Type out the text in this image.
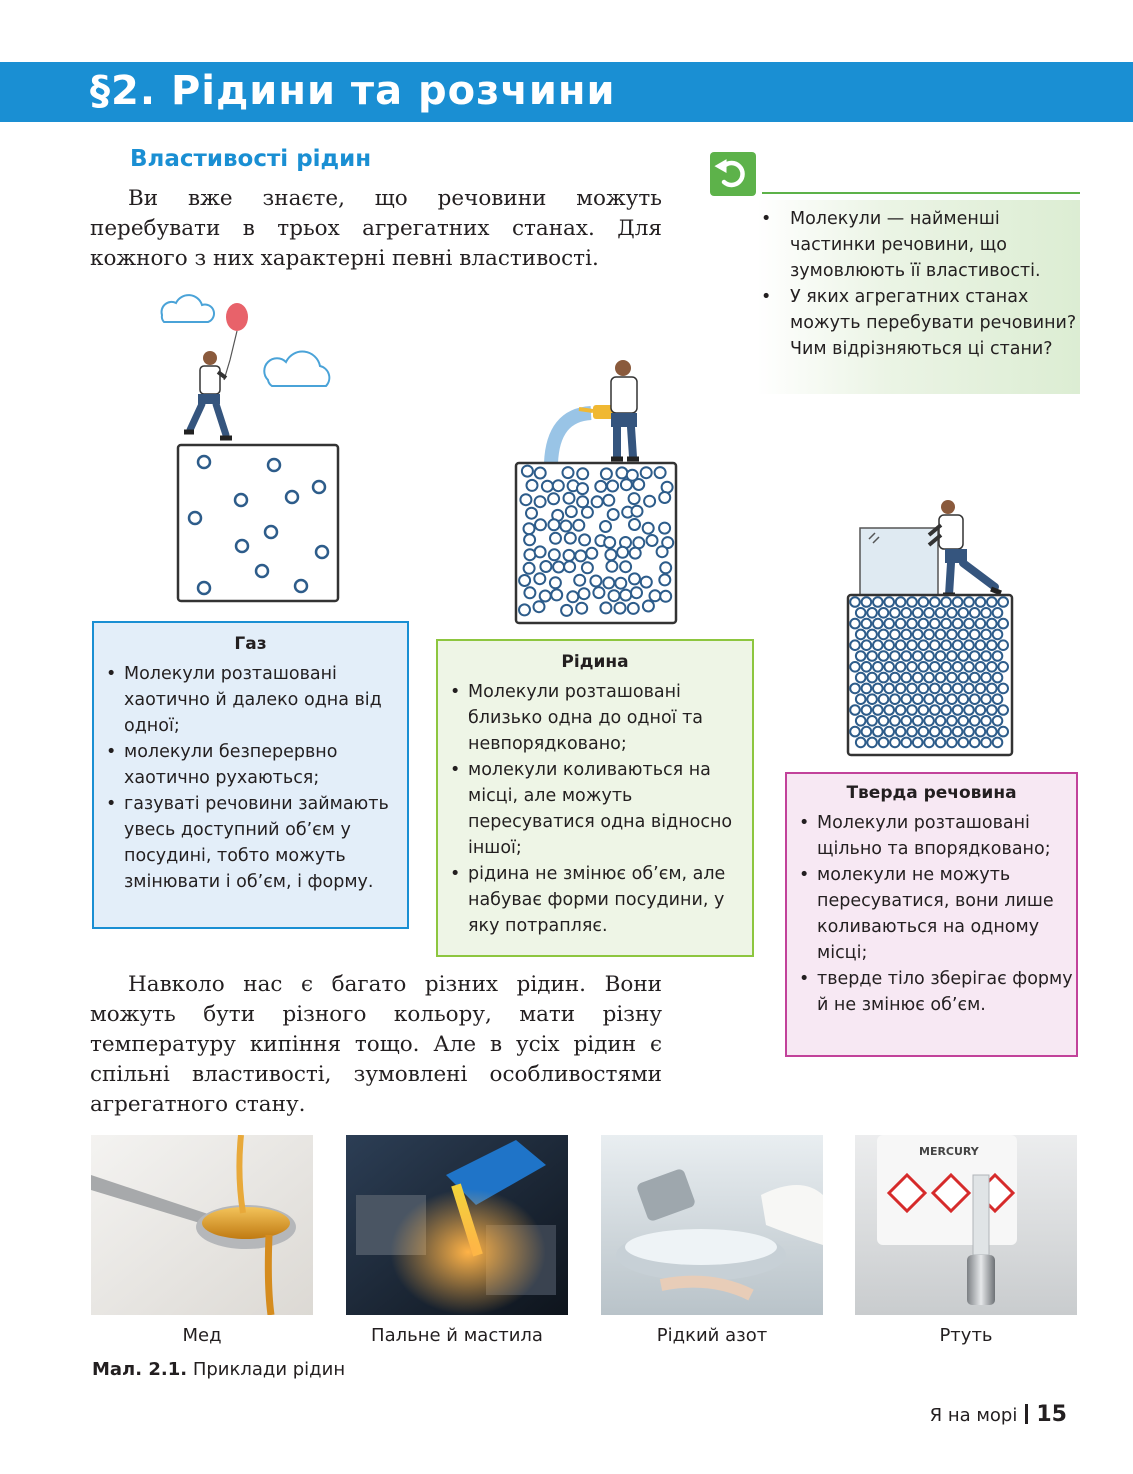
§2. Рідини та розчини
Властивості рідин

Ви вже знаєте, що речовини можуть перебувати в трьох агрегатних станах. Для кожного з них характерні певні властивості.

• Молекули — найменші частинки речовини, що зумовлюють її властивості.
• У яких агрегатних станах можуть перебувати речовини? Чим відрізняються ці стани?
Газ
• Молекули розташовані хаотично й далеко одна від одної;
• молекули безперервно хаотично рухаються;
• газуваті речовини займають увесь доступний об’єм у посудині, тобто можуть змінювати і об’єм, і форму.
Рідина
• Молекули розташовані близько одна до одної та невпорядковано;
• молекули коливаються на місці, але можуть пересуватися одна відносно іншої;
• рідина не змінює об’єм, але набуває форми посудини, у яку потрапляє.
Тверда речовина
• Молекули розташовані щільно та впорядковано;
• молекули не можуть пересуватися, вони лише коливаються на одному місці;
• тверде тіло зберігає форму й не змінює об’єм.

Навколо нас є багато різних рідин. Вони можуть бути різного кольору, мати різну температуру кипіння тощо. Але в усіх рідин є спільні властивості, зумовлені особливостями агрегатного стану.

Мед	Пальне й мастила	Рідкий азот
MERCURY
Ртуть
Мал. 2.1. Приклади рідин
Я на морі 15
